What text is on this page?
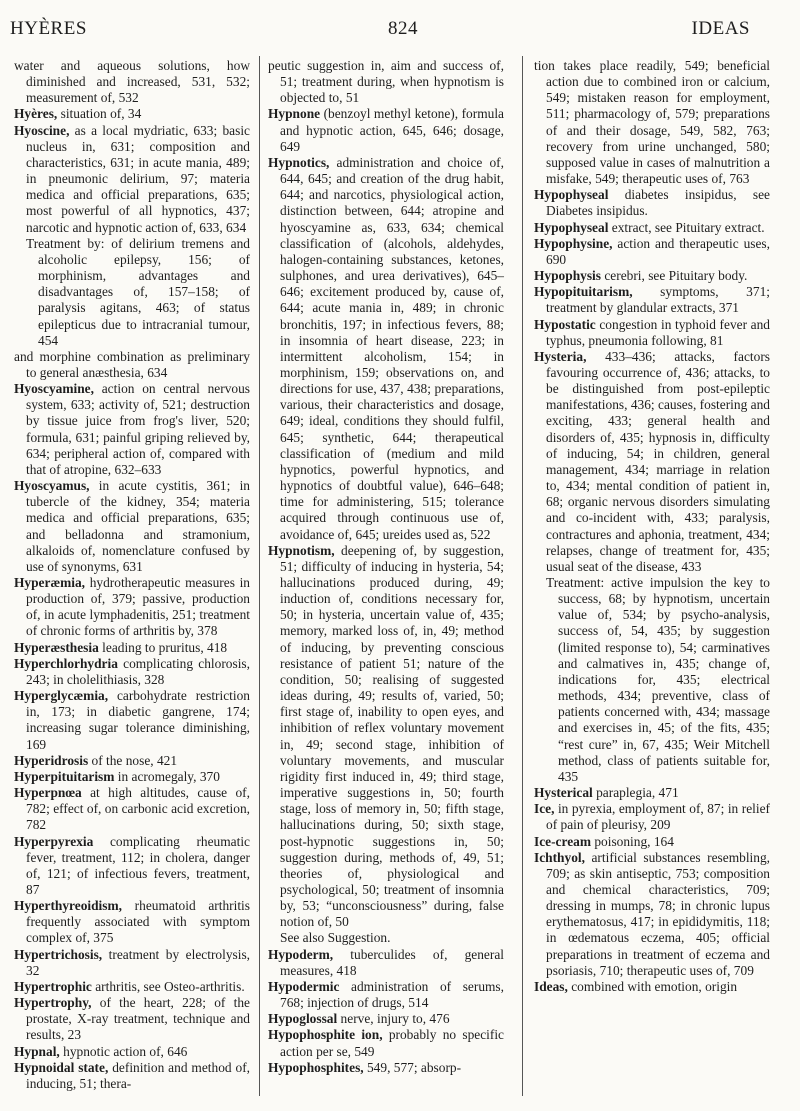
HYÈRES	824	IDEAS
water and aqueous solutions, how diminished and increased, 531, 532; measurement of, 532
Hyères, situation of, 34
Hyoscine, as a local mydriatic, 633; basic nucleus in, 631; composition and characteristics, 631; in acute mania, 489; in pneumonic delirium, 97; materia medica and official preparations, 635; most powerful of all hypnotics, 437; narcotic and hypnotic action of, 633, 634
Treatment by: of delirium tremens and alcoholic epilepsy, 156; of morphinism, advantages and disadvantages of, 157–158; of paralysis agitans, 463; of status epilepticus due to intracranial tumour, 454
and morphine combination as preliminary to general anæsthesia, 634
Hyoscyamine, action on central nervous system, 633; activity of, 521; destruction by tissue juice from frog's liver, 520; formula, 631; painful griping relieved by, 634; peripheral action of, compared with that of atropine, 632–633
Hyoscyamus, in acute cystitis, 361; in tubercle of the kidney, 354; materia medica and official preparations, 635; and belladonna and stramonium, alkaloids of, nomenclature confused by use of synonyms, 631
Hyperæmia, hydrotherapeutic measures in production of, 379; passive, production of, in acute lymphadenitis, 251; treatment of chronic forms of arthritis by, 378
Hyperæsthesia leading to pruritus, 418
Hyperchlorhydria complicating chlorosis, 243; in cholelithiasis, 328
Hyperglycæmia, carbohydrate restriction in, 173; in diabetic gangrene, 174; increasing sugar tolerance diminishing, 169
Hyperidrosis of the nose, 421
Hyperpituitarism in acromegaly, 370
Hyperpnœa at high altitudes, cause of, 782; effect of, on carbonic acid excretion, 782
Hyperpyrexia complicating rheumatic fever, treatment, 112; in cholera, danger of, 121; of infectious fevers, treatment, 87
Hyperthyreoidism, rheumatoid arthritis frequently associated with symptom complex of, 375
Hypertrichosis, treatment by electrolysis, 32
Hypertrophic arthritis, see Osteo-arthritis.
Hypertrophy, of the heart, 228; of the prostate, X-ray treatment, technique and results, 23
Hypnal, hypnotic action of, 646
Hypnoidal state, definition and method of, inducing, 51; thera-
peutic suggestion in, aim and success of, 51; treatment during, when hypnotism is objected to, 51
Hypnone (benzoyl methyl ketone), formula and hypnotic action, 645, 646; dosage, 649
Hypnotics, administration and choice of, 644, 645; and creation of the drug habit, 644; and narcotics, physiological action, distinction between, 644; atropine and hyoscyamine as, 633, 634; chemical classification of (alcohols, aldehydes, halogen-containing substances, ketones, sulphones, and urea derivatives), 645–646; excitement produced by, cause of, 644; acute mania in, 489; in chronic bronchitis, 197; in infectious fevers, 88; in insomnia of heart disease, 223; in intermittent alcoholism, 154; in morphinism, 159; observations on, and directions for use, 437, 438; preparations, various, their characteristics and dosage, 649; ideal, conditions they should fulfil, 645; synthetic, 644; therapeutical classification of (medium and mild hypnotics, powerful hypnotics, and hypnotics of doubtful value), 646–648; time for administering, 515; tolerance acquired through continuous use of, avoidance of, 645; ureides used as, 522
Hypnotism, deepening of, by suggestion, 51; difficulty of inducing in hysteria, 54; hallucinations produced during, 49; induction of, conditions necessary for, 50; in hysteria, uncertain value of, 435; memory, marked loss of, in, 49; method of inducing, by preventing conscious resistance of patient 51; nature of the condition, 50; realising of suggested ideas during, 49; results of, varied, 50; first stage of, inability to open eyes, and inhibition of reflex voluntary movement in, 49; second stage, inhibition of voluntary movements, and muscular rigidity first induced in, 49; third stage, imperative suggestions in, 50; fourth stage, loss of memory in, 50; fifth stage, hallucinations during, 50; sixth stage, post-hypnotic suggestions in, 50; suggestion during, methods of, 49, 51; theories of, physiological and psychological, 50; treatment of insomnia by, 53; “unconsciousness” during, false notion of, 50
See also Suggestion.
Hypoderm, tuberculides of, general measures, 418
Hypodermic administration of serums, 768; injection of drugs, 514
Hypoglossal nerve, injury to, 476
Hypophosphite ion, probably no specific action per se, 549
Hypophosphites, 549, 577; absorp-
tion takes place readily, 549; beneficial action due to combined iron or calcium, 549; mistaken reason for employment, 511; pharmacology of, 579; preparations of and their dosage, 549, 582, 763; recovery from urine unchanged, 580; supposed value in cases of malnutrition a misfake, 549; therapeutic uses of, 763
Hypophyseal diabetes insipidus, see Diabetes insipidus.
Hypophyseal extract, see Pituitary extract.
Hypophysine, action and therapeutic uses, 690
Hypophysis cerebri, see Pituitary body.
Hypopituitarism, symptoms, 371; treatment by glandular extracts, 371
Hypostatic congestion in typhoid fever and typhus, pneumonia following, 81
Hysteria, 433–436; attacks, factors favouring occurrence of, 436; attacks, to be distinguished from post-epileptic manifestations, 436; causes, fostering and exciting, 433; general health and disorders of, 435; hypnosis in, difficulty of inducing, 54; in children, general management, 434; marriage in relation to, 434; mental condition of patient in, 68; organic nervous disorders simulating and co-incident with, 433; paralysis, contractures and aphonia, treatment, 434; relapses, change of treatment for, 435; usual seat of the disease, 433
Treatment: active impulsion the key to success, 68; by hypnotism, uncertain value of, 534; by psycho-analysis, success of, 54, 435; by suggestion (limited response to), 54; carminatives and calmatives in, 435; change of, indications for, 435; electrical methods, 434; preventive, class of patients concerned with, 434; massage and exercises in, 45; of the fits, 435; “rest cure” in, 67, 435; Weir Mitchell method, class of patients suitable for, 435
Hysterical paraplegia, 471
Ice, in pyrexia, employment of, 87; in relief of pain of pleurisy, 209
Ice-cream poisoning, 164
Ichthyol, artificial substances resembling, 709; as skin antiseptic, 753; composition and chemical characteristics, 709; dressing in mumps, 78; in chronic lupus erythematosus, 417; in epididymitis, 118; in œdematous eczema, 405; official preparations in treatment of eczema and psoriasis, 710; therapeutic uses of, 709
Ideas, combined with emotion, origin
